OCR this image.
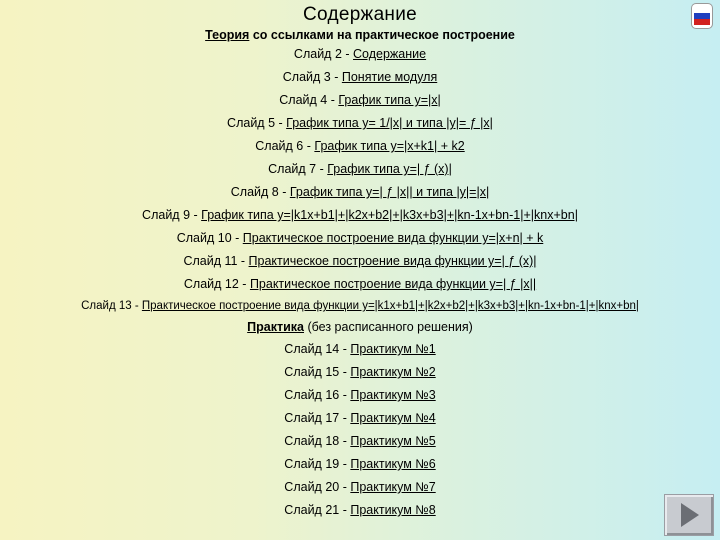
Содержание
Теория со ссылками на практическое построение
Слайд 2 - Содержание
Слайд 3 - Понятие модуля
Слайд 4 - График типа y=|x|
Слайд 5 - График типа y= 1/|x| и типа |y|= ƒ |x|
Слайд 6 - График типа y=|x+k1| + k2
Слайд 7 - График типа y=| ƒ (x)|
Слайд 8 - График типа y=| ƒ |x|| и типа |y|=|x|
Слайд 9 - График типа y=|k1x+b1|+|k2x+b2|+|k3x+b3|+|kn-1x+bn-1|+|knx+bn|
Слайд 10 - Практическое построение вида функции y=|x+n| + k
Слайд 11 - Практическое построение вида функции y=| ƒ (x)|
Слайд 12 - Практическое построение вида функции y=| ƒ |x||
Слайд 13 - Практическое построение вида функции y=|k1x+b1|+|k2x+b2|+|k3x+b3|+|kn-1x+bn-1|+|knx+bn|
Практика (без расписанного решения)
Слайд 14 - Практикум №1
Слайд 15 - Практикум №2
Слайд 16 - Практикум №3
Слайд 17 - Практикум №4
Слайд 18 - Практикум №5
Слайд 19 - Практикум №6
Слайд 20 - Практикум №7
Слайд 21 - Практикум №8
